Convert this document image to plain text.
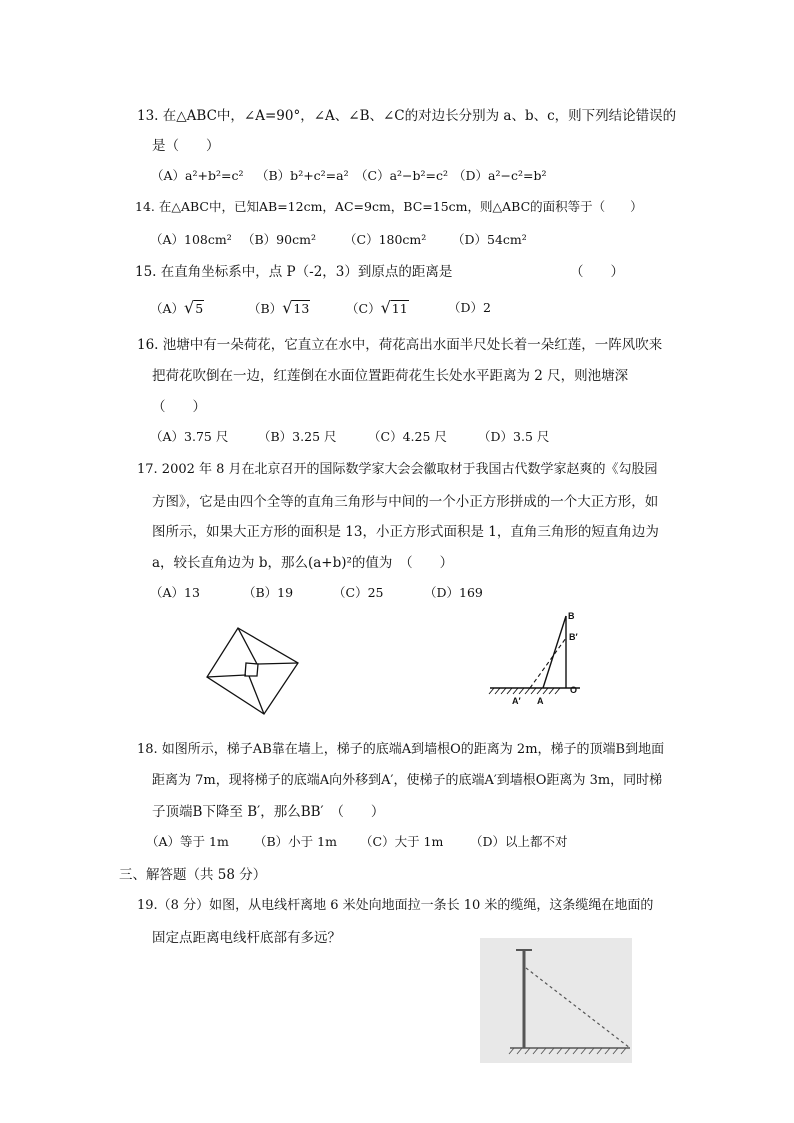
13. 在△ABC中，∠A=90°，∠A、∠B、∠C的对边长分别为 a、b、c，则下列结论错误的
是（　　）
（A）a²+b²=c² （B）b²+c²=a² （C）a²−b²=c² （D）a²−c²=b²
14. 在△ABC中，已知AB=12cm，AC=9cm，BC=15cm，则△ABC的面积等于（　　）
（A）108cm² （B）90cm² （C）180cm² （D）54cm²
15. 在直角坐标系中，点 P（-2，3）到原点的距离是	（　　）
（A）√5	（B）√13	（C）√11	（D）2
16. 池塘中有一朵荷花，它直立在水中，荷花高出水面半尺处长着一朵红莲，一阵风吹来
把荷花吹倒在一边，红莲倒在水面位置距荷花生长处水平距离为 2 尺，则池塘深
（　　）
（A）3.75 尺 （B）3.25 尺	（C）4.25 尺 （D）3.5 尺
17. 2002 年 8 月在北京召开的国际数学家大会会徽取材于我国古代数学家赵爽的《勾股园
方图》，它是由四个全等的直角三角形与中间的一个小正方形拼成的一个大正方形，如
图所示，如果大正方形的面积是 13，小正方形式面积是 1，直角三角形的短直角边为
a，较长直角边为 b，那么(a+b)²的值为　（　　）
（A）13	（B）19	（C）25	（D）169
B
B′
A′ A
O
18. 如图所示，梯子AB靠在墙上，梯子的底端A到墙根O的距离为 2m，梯子的顶端B到地面
距离为 7m，现将梯子的底端A向外移到A′，使梯子的底端A′到墙根O距离为 3m，同时梯
子顶端B下降至 B′，那么BB′　（　　）
（A）等于 1m （B）小于 1m （C）大于 1m （D）以上都不对
三、解答题（共 58 分）
19.（8 分）如图，从电线杆离地 6 米处向地面拉一条长 10 米的缆绳，这条缆绳在地面的
固定点距离电线杆底部有多远？
